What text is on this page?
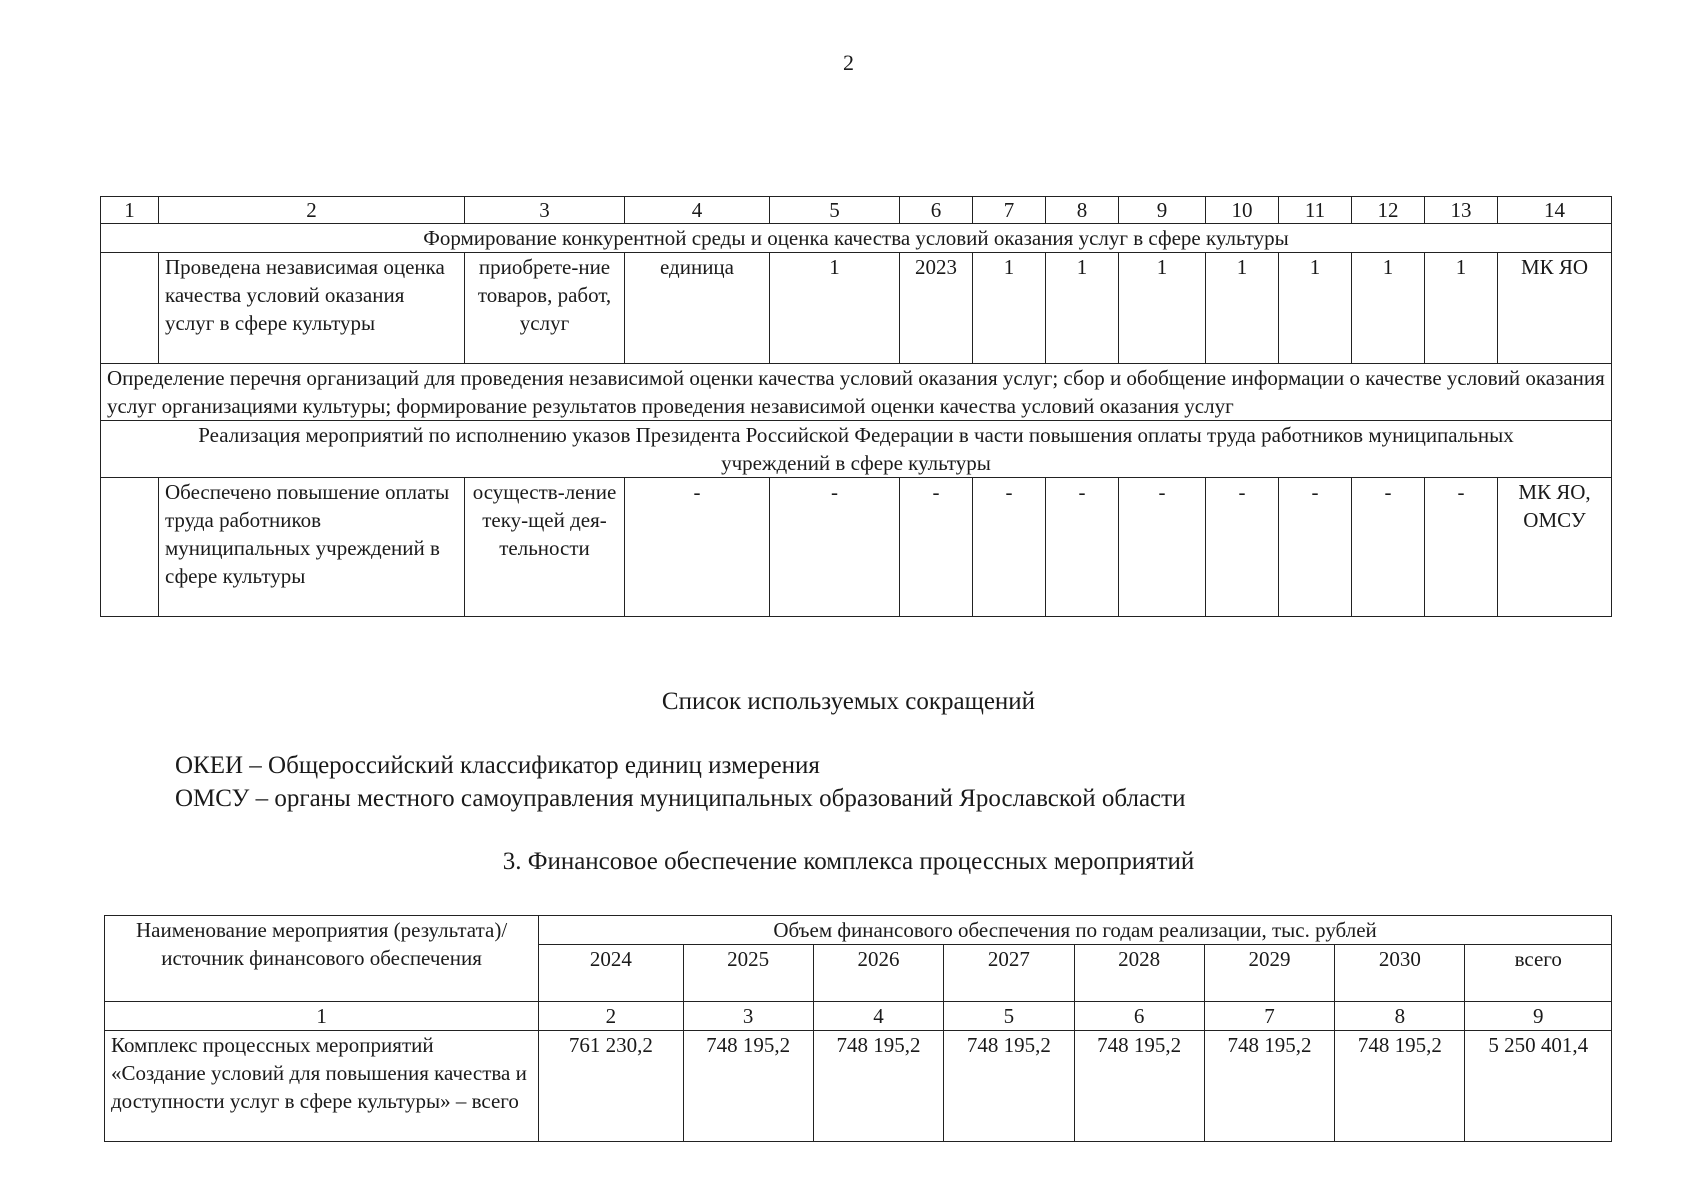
2
1	2	3	4	5	6	7	8	9	10	11	12	13	14
Формирование конкурентной среды и оценка качества условий оказания услуг в сфере культуры													
	Проведена независимая оценка качества условий оказания услуг в сфере культуры	приобрете-ние товаров, работ, услуг	единица	1	2023	1	1	1	1	1	1	1	МК ЯО
Определение перечня организаций для проведения независимой оценки качества условий оказания услуг; сбор и обобщение информации о качестве условий оказания услуг организациями культуры; формирование результатов проведения независимой оценки качества условий оказания услуг													
Реализация мероприятий по исполнению указов Президента Российской Федерации в части повышения оплаты труда работников муниципальных учреждений в сфере культуры													
	Обеспечено повышение оплаты труда работников муниципальных учреждений в сфере культуры	осуществ-ление теку-щей дея-тельности	-	-	-	-	-	-	-	-	-	-	МК ЯО, ОМСУ
Список используемых сокращений
ОКЕИ – Общероссийский классификатор единиц измерения
ОМСУ – органы местного самоуправления муниципальных образований Ярославской области
3. Финансовое обеспечение комплекса процессных мероприятий
Наименование мероприятия (результата)/ источник финансового обеспечения	Объем финансового обеспечения по годам реализации, тыс. рублей							
	2024	2025	2026	2027	2028	2029	2030	всего
1	2	3	4	5	6	7	8	9
Комплекс процессных мероприятий «Создание условий для повышения качества и доступности услуг в сфере культуры» – всего	761 230,2	748 195,2	748 195,2	748 195,2	748 195,2	748 195,2	748 195,2	5 250 401,4
